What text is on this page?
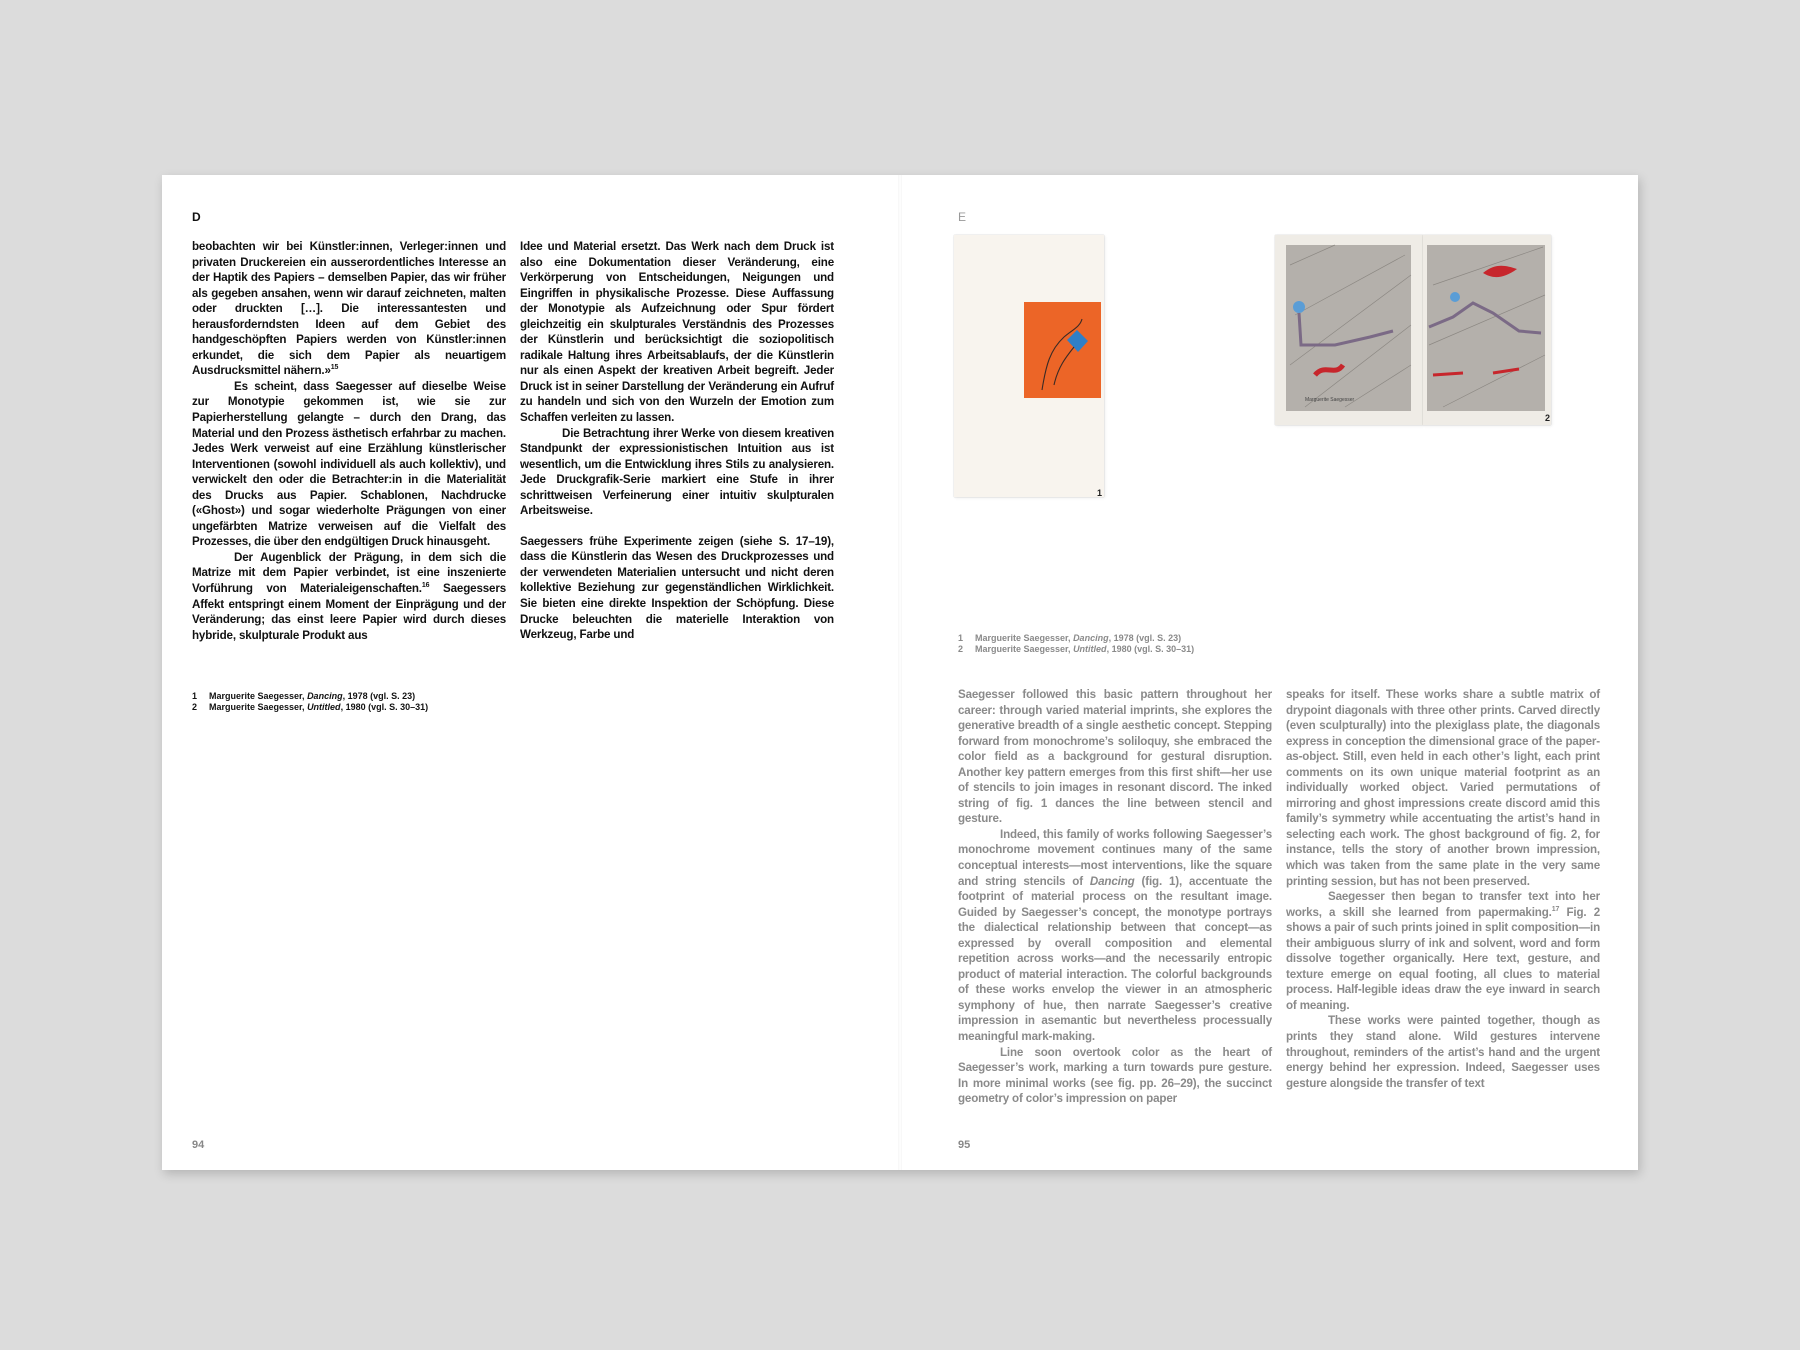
D

beobachten wir bei Künstler:innen, Verleger:innen und privaten Druckereien ein ausserordentliches Interesse an der Haptik des Papiers – demselben Papier, das wir früher als gegeben ansahen, wenn wir darauf zeichneten, malten oder druckten […]. Die interessantesten und herausforderndsten Ideen auf dem Gebiet des handgeschöpften Papiers werden von Künstler:innen erkundet, die sich dem Papier als neuartigem Ausdrucksmittel nähern.»$^{15}$

Es scheint, dass Saegesser auf dieselbe Weise zur Monotypie gekommen ist, wie sie zur Papierherstellung gelangte – durch den Drang, das Material und den Prozess ästhetisch erfahrbar zu machen. Jedes Werk verweist auf eine Erzählung künstlerischer Interventionen (sowohl individuell als auch kollektiv), und verwickelt den oder die Betrachter:in in die Materialität des Drucks aus Papier. Schablonen, Nachdrucke («Ghost») und sogar wiederholte Prägungen von einer ungefärbten Matrize verweisen auf die Vielfalt des Prozesses, die über den endgültigen Druck hinausgeht.

Der Augenblick der Prägung, in dem sich die Matrize mit dem Papier verbindet, ist eine inszenierte Vorführung von Materialeigenschaften.$^{16}$ Saegessers Affekt entspringt einem Moment der Einprägung und der Veränderung; das einst leere Papier wird durch dieses hybride, skulpturale Produkt aus

Idee und Material ersetzt. Das Werk nach dem Druck ist also eine Dokumentation dieser Veränderung, eine Verkörperung von Entscheidungen, Neigungen und Eingriffen in physikalische Prozesse. Diese Auffassung der Monotypie als Aufzeichnung oder Spur fördert gleichzeitig ein skulpturales Verständnis des Prozesses der Künstlerin und berücksichtigt die soziopolitisch radikale Haltung ihres Arbeitsablaufs, der die Künstlerin nur als einen Aspekt der kreativen Arbeit begreift. Jeder Druck ist in seiner Darstellung der Veränderung ein Aufruf zu handeln und sich von den Wurzeln der Emotion zum Schaffen verleiten zu lassen.

Die Betrachtung ihrer Werke von diesem kreativen Standpunkt der expressionistischen Intuition aus ist wesentlich, um die Entwicklung ihres Stils zu analysieren. Jede Druckgrafik-Serie markiert eine Stufe in ihrer schrittweisen Verfeinerung einer intuitiv skulpturalen Arbeitsweise.

Saegessers frühe Experimente zeigen (siehe S. 17–19), dass die Künstlerin das Wesen des Druckprozesses und der verwendeten Materialien untersucht und nicht deren kollektive Beziehung zur gegenständlichen Wirklichkeit. Sie bieten eine direkte Inspektion der Schöpfung. Diese Drucke beleuchten die materielle Interaktion von Werkzeug, Farbe und

1 Marguerite Saegesser, Dancing, 1978 (vgl. S. 23)
2 Marguerite Saegesser, Untitled, 1980 (vgl. S. 30–31)
94
E
1
Marguerite Saegesser
2
1 Marguerite Saegesser, Dancing, 1978 (vgl. S. 23)
2 Marguerite Saegesser, Untitled, 1980 (vgl. S. 30–31)

Saegesser followed this basic pattern throughout her career: through varied material imprints, she explores the generative breadth of a single aesthetic concept. Stepping forward from monochrome’s soliloquy, she embraced the color field as a background for gestural disruption. Another key pattern emerges from this first shift—her use of stencils to join images in resonant discord. The inked string of fig. 1 dances the line between stencil and gesture.

Indeed, this family of works following Saegesser’s monochrome movement continues many of the same conceptual interests—most interventions, like the square and string stencils of Dancing (fig. 1), accentuate the footprint of material process on the resultant image. Guided by Saegesser’s concept, the monotype portrays the dialectical relationship between that concept—as expressed by overall composition and elemental repetition across works—and the necessarily entropic product of material interaction. The colorful backgrounds of these works envelop the viewer in an atmospheric symphony of hue, then narrate Saegesser’s creative impression in asemantic but nevertheless processually meaningful mark-making.

Line soon overtook color as the heart of Saegesser’s work, marking a turn towards pure gesture. In more minimal works (see fig. pp. 26–29), the succinct geometry of color’s impression on paper

speaks for itself. These works share a subtle matrix of drypoint diagonals with three other prints. Carved directly (even sculpturally) into the plexiglass plate, the diagonals express in conception the dimensional grace of the paper-as-object. Still, even held in each other’s light, each print comments on its own unique material footprint as an individually worked object. Varied permutations of mirroring and ghost impressions create discord amid this family’s symmetry while accentuating the artist’s hand in selecting each work. The ghost background of fig. 2, for instance, tells the story of another brown impression, which was taken from the same plate in the very same printing session, but has not been preserved.

Saegesser then began to transfer text into her works, a skill she learned from papermaking.$^{17}$ Fig. 2 shows a pair of such prints joined in split composition—in their ambiguous slurry of ink and solvent, word and form dissolve together organically. Here text, gesture, and texture emerge on equal footing, all clues to material process. Half-legible ideas draw the eye inward in search of meaning.

These works were painted together, though as prints they stand alone. Wild gestures intervene throughout, reminders of the artist’s hand and the urgent energy behind her expression. Indeed, Saegesser uses gesture alongside the transfer of text

95
